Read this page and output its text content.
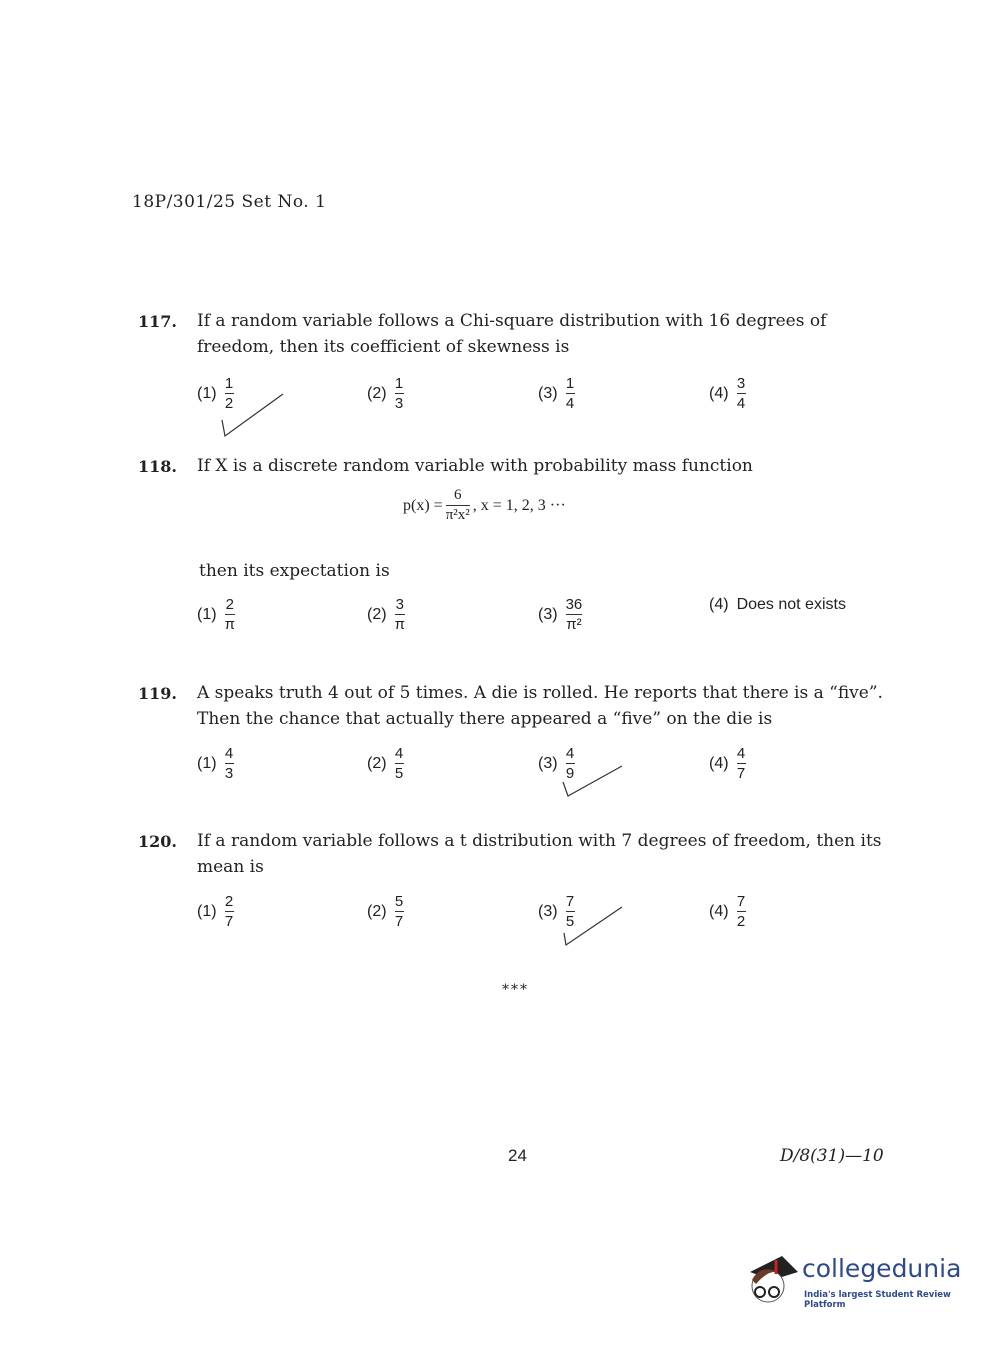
18P/301/25 Set No. 1
117. If a random variable follows a Chi-square distribution with 16 degrees of freedom, then its coefficient of skewness is
$(1) \frac{1}{2}$	$(2) \frac{1}{3}$	$(3) \frac{1}{4}$	$(4) \frac{3}{4}$
118. If X is a discrete random variable with probability mass function
$p(x) = \frac{6}{\text{π²x²}}$ , x = 1, 2, 3 ···
then its expectation is
$(1) \frac{2}{\pi}$	$(2) \frac{3}{\pi}$	$(3) \frac{36}{\text{π²}}$	(4) Does not exists
119. A speaks truth 4 out of 5 times. A die is rolled. He reports that there is a “five”. Then the chance that actually there appeared a “five” on the die is
$(1) \frac{4}{3}$	$(2) \frac{4}{5}$	$(3) \frac{4}{9}$	$(4) \frac{4}{7}$
120. If a random variable follows a t distribution with 7 degrees of freedom, then its mean is
$(1) \frac{2}{7}$	$(2) \frac{5}{7}$	$(3) \frac{7}{5}$	$(4) \frac{7}{2}$
***
24	D/8(31)—10
collegedunia
India's largest Student Review Platform
